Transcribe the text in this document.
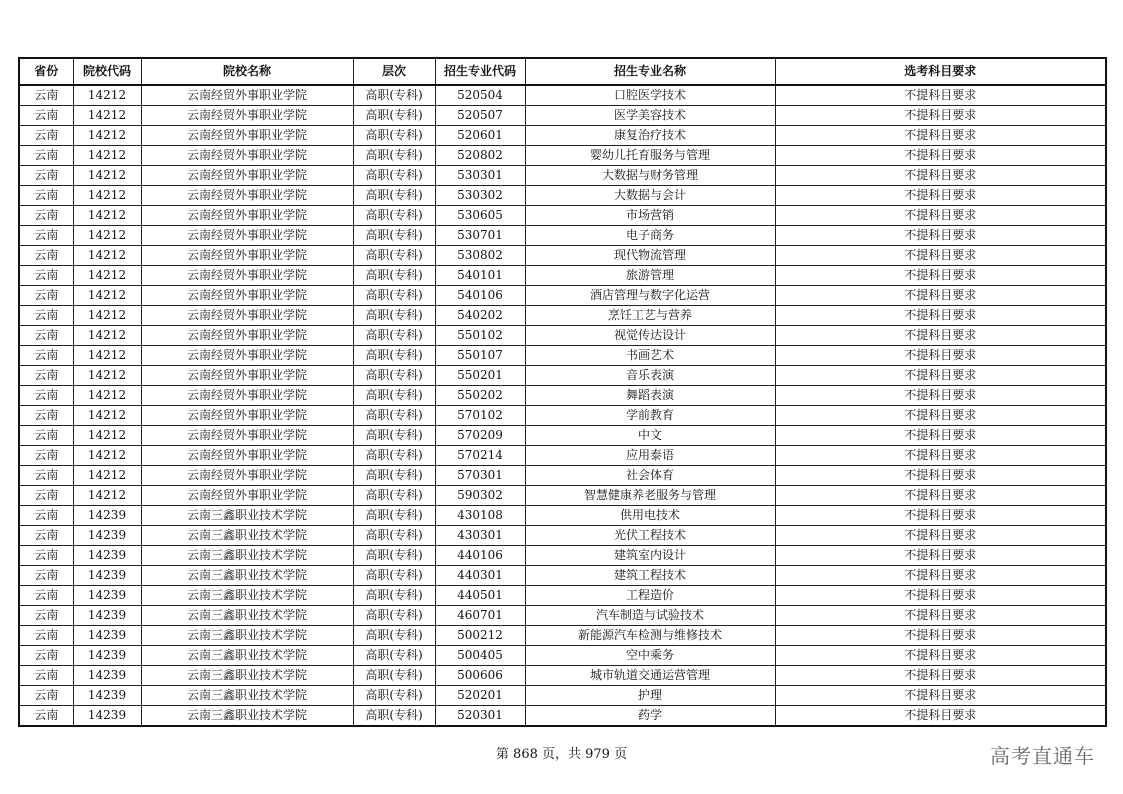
省份	院校代码	院校名称	层次	招生专业代码	招生专业名称	选考科目要求
云南	14212	云南经贸外事职业学院	高职(专科)	520504	口腔医学技术	不提科目要求
云南	14212	云南经贸外事职业学院	高职(专科)	520507	医学美容技术	不提科目要求
云南	14212	云南经贸外事职业学院	高职(专科)	520601	康复治疗技术	不提科目要求
云南	14212	云南经贸外事职业学院	高职(专科)	520802	婴幼儿托育服务与管理	不提科目要求
云南	14212	云南经贸外事职业学院	高职(专科)	530301	大数据与财务管理	不提科目要求
云南	14212	云南经贸外事职业学院	高职(专科)	530302	大数据与会计	不提科目要求
云南	14212	云南经贸外事职业学院	高职(专科)	530605	市场营销	不提科目要求
云南	14212	云南经贸外事职业学院	高职(专科)	530701	电子商务	不提科目要求
云南	14212	云南经贸外事职业学院	高职(专科)	530802	现代物流管理	不提科目要求
云南	14212	云南经贸外事职业学院	高职(专科)	540101	旅游管理	不提科目要求
云南	14212	云南经贸外事职业学院	高职(专科)	540106	酒店管理与数字化运营	不提科目要求
云南	14212	云南经贸外事职业学院	高职(专科)	540202	烹饪工艺与营养	不提科目要求
云南	14212	云南经贸外事职业学院	高职(专科)	550102	视觉传达设计	不提科目要求
云南	14212	云南经贸外事职业学院	高职(专科)	550107	书画艺术	不提科目要求
云南	14212	云南经贸外事职业学院	高职(专科)	550201	音乐表演	不提科目要求
云南	14212	云南经贸外事职业学院	高职(专科)	550202	舞蹈表演	不提科目要求
云南	14212	云南经贸外事职业学院	高职(专科)	570102	学前教育	不提科目要求
云南	14212	云南经贸外事职业学院	高职(专科)	570209	中文	不提科目要求
云南	14212	云南经贸外事职业学院	高职(专科)	570214	应用泰语	不提科目要求
云南	14212	云南经贸外事职业学院	高职(专科)	570301	社会体育	不提科目要求
云南	14212	云南经贸外事职业学院	高职(专科)	590302	智慧健康养老服务与管理	不提科目要求
云南	14239	云南三鑫职业技术学院	高职(专科)	430108	供用电技术	不提科目要求
云南	14239	云南三鑫职业技术学院	高职(专科)	430301	光伏工程技术	不提科目要求
云南	14239	云南三鑫职业技术学院	高职(专科)	440106	建筑室内设计	不提科目要求
云南	14239	云南三鑫职业技术学院	高职(专科)	440301	建筑工程技术	不提科目要求
云南	14239	云南三鑫职业技术学院	高职(专科)	440501	工程造价	不提科目要求
云南	14239	云南三鑫职业技术学院	高职(专科)	460701	汽车制造与试验技术	不提科目要求
云南	14239	云南三鑫职业技术学院	高职(专科)	500212	新能源汽车检测与维修技术	不提科目要求
云南	14239	云南三鑫职业技术学院	高职(专科)	500405	空中乘务	不提科目要求
云南	14239	云南三鑫职业技术学院	高职(专科)	500606	城市轨道交通运营管理	不提科目要求
云南	14239	云南三鑫职业技术学院	高职(专科)	520201	护理	不提科目要求
云南	14239	云南三鑫职业技术学院	高职(专科)	520301	药学	不提科目要求
第 868 页，共 979 页	高考直通车
